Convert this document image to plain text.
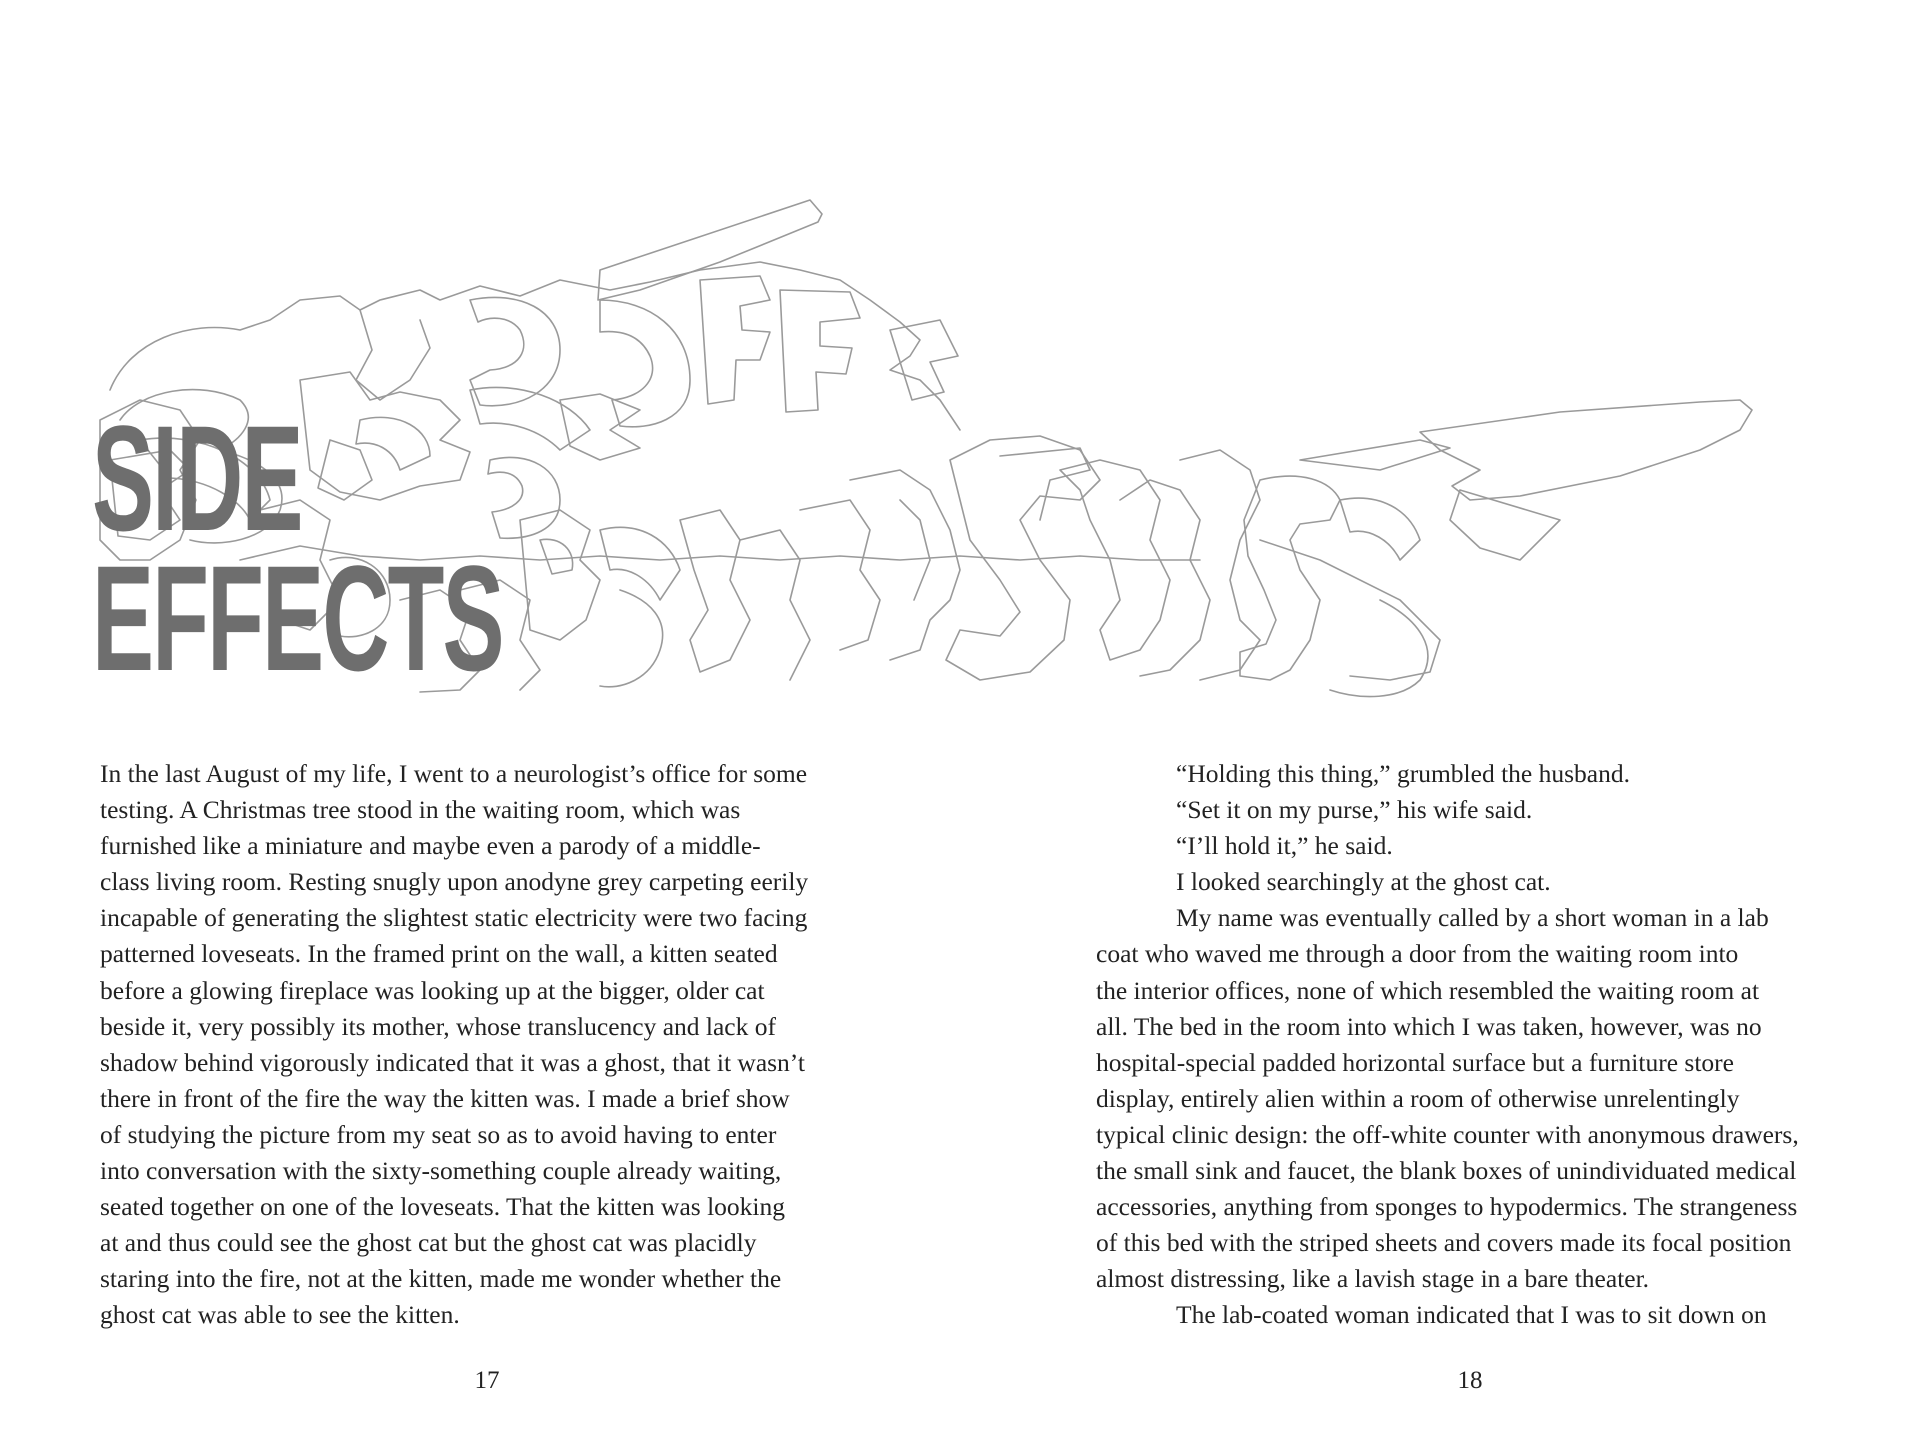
SIDE
EFFECTS

In the last August of my life, I went to a neurologist’s office for some

testing. A Christmas tree stood in the waiting room, which was

furnished like a miniature and maybe even a parody of a middle-

class living room. Resting snugly upon anodyne grey carpeting eerily

incapable of generating the slightest static electricity were two facing

patterned loveseats. In the framed print on the wall, a kitten seated

before a glowing fireplace was looking up at the bigger, older cat

beside it, very possibly its mother, whose translucency and lack of

shadow behind vigorously indicated that it was a ghost, that it wasn’t

there in front of the fire the way the kitten was. I made a brief show

of studying the picture from my seat so as to avoid having to enter

into conversation with the sixty-something couple already waiting,

seated together on one of the loveseats. That the kitten was looking

at and thus could see the ghost cat but the ghost cat was placidly

staring into the fire, not at the kitten, made me wonder whether the

ghost cat was able to see the kitten.

“Holding this thing,” grumbled the husband.

“Set it on my purse,” his wife said.

“I’ll hold it,” he said.

I looked searchingly at the ghost cat.

My name was eventually called by a short woman in a lab

coat who waved me through a door from the waiting room into

the interior offices, none of which resembled the waiting room at

all. The bed in the room into which I was taken, however, was no

hospital-special padded horizontal surface but a furniture store

display, entirely alien within a room of otherwise unrelentingly

typical clinic design: the off-white counter with anonymous drawers,

the small sink and faucet, the blank boxes of unindividuated medical

accessories, anything from sponges to hypodermics. The strangeness

of this bed with the striped sheets and covers made its focal position

almost distressing, like a lavish stage in a bare theater.

The lab-coated woman indicated that I was to sit down on

17	18
